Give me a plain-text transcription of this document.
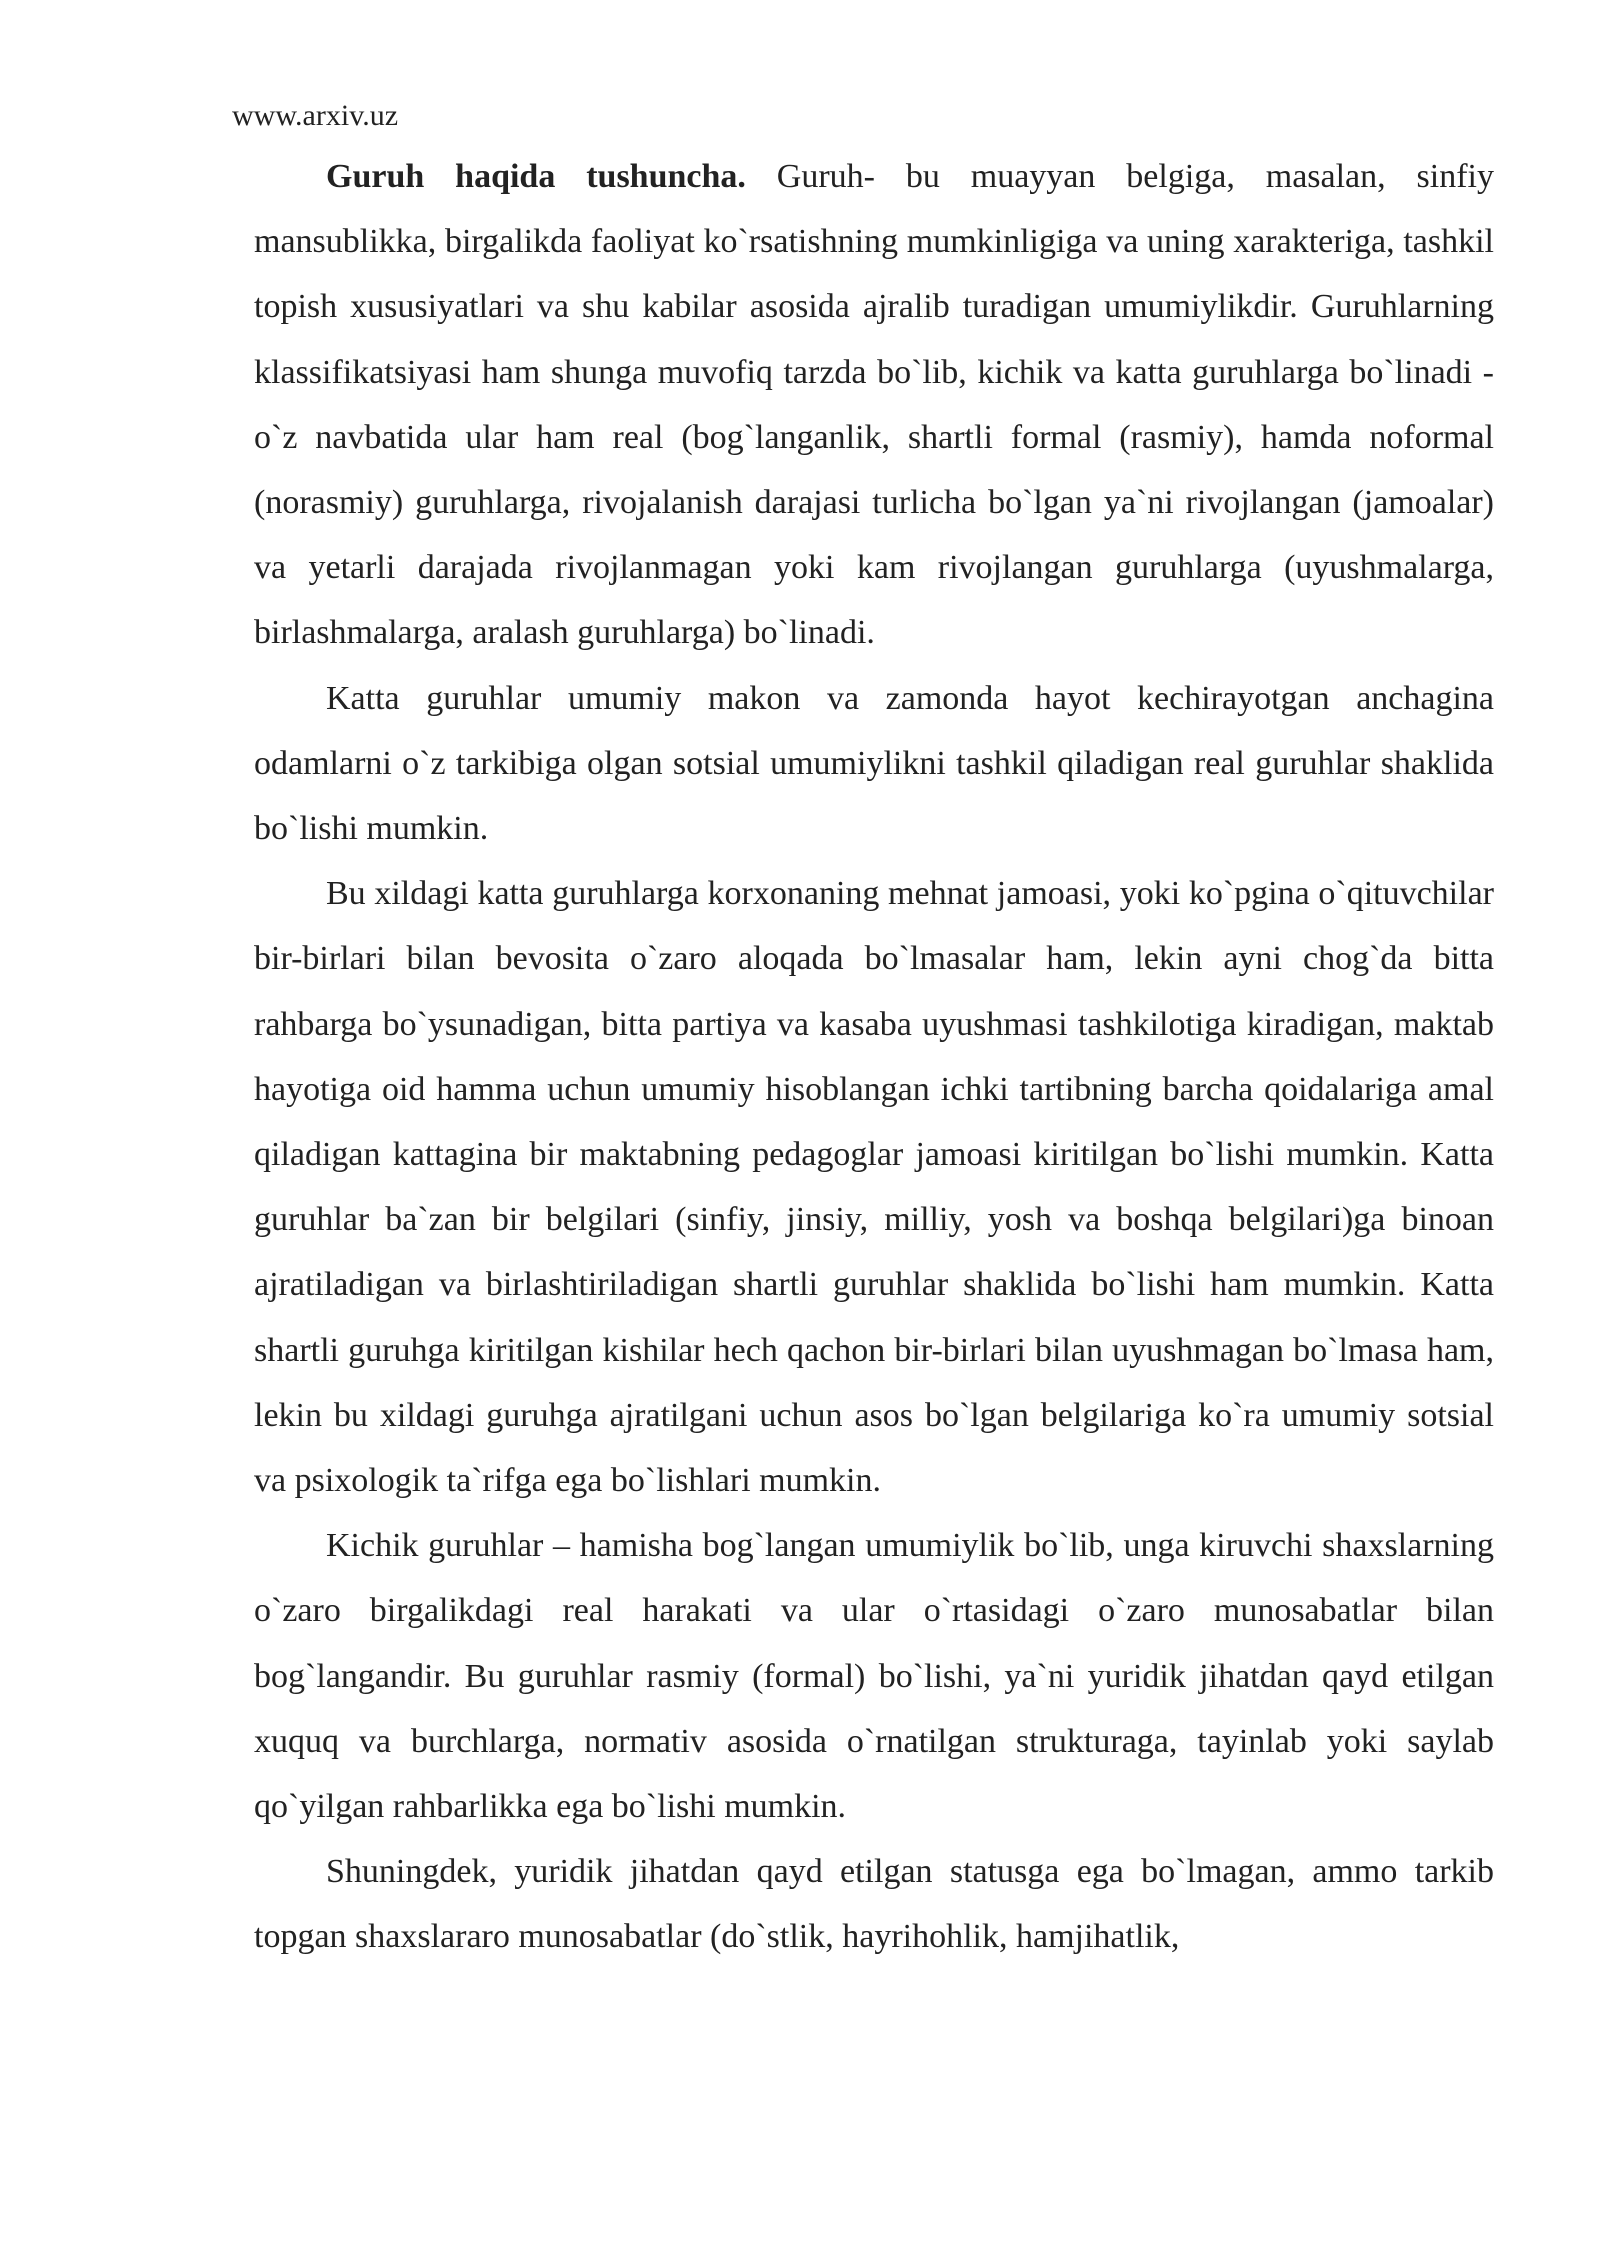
www.arxiv.uz

Guruh haqida tushuncha. Guruh- bu muayyan belgiga, masalan, sinfiy mansublikka, birgalikda faoliyat ko`rsatishning mumkinligiga va uning xarakteriga, tashkil topish xususiyatlari va shu kabilar asosida ajralib turadigan umumiylikdir. Guruhlarning klassifikatsiyasi ham shunga muvofiq tarzda bo`lib, kichik va katta guruhlarga bo`linadi - o`z navbatida ular ham real (bog`langanlik, shartli formal (rasmiy), hamda noformal (norasmiy) guruhlarga, rivojalanish darajasi turlicha bo`lgan ya`ni rivojlangan (jamoalar) va yetarli darajada rivojlanmagan yoki kam rivojlangan guruhlarga (uyushmalarga, birlashmalarga, aralash guruhlarga) bo`linadi.

Katta guruhlar umumiy makon va zamonda hayot kechirayotgan anchagina odamlarni o`z tarkibiga olgan sotsial umumiylikni tashkil qiladigan real guruhlar shaklida bo`lishi mumkin.

Bu xildagi katta guruhlarga korxonaning mehnat jamoasi, yoki ko`pgina o`qituvchilar bir-birlari bilan bevosita o`zaro aloqada bo`lmasalar ham, lekin ayni chog`da bitta rahbarga bo`ysunadigan, bitta partiya va kasaba uyushmasi tashkilotiga kiradigan, maktab hayotiga oid hamma uchun umumiy hisoblangan ichki tartibning barcha qoidalariga amal qiladigan kattagina bir maktabning pedagoglar jamoasi kiritilgan bo`lishi mumkin. Katta guruhlar ba`zan bir belgilari (sinfiy, jinsiy, milliy, yosh va boshqa belgilari)ga binoan ajratiladigan va birlashtiriladigan shartli guruhlar shaklida bo`lishi ham mumkin. Katta shartli guruhga kiritilgan kishilar hech qachon bir-birlari bilan uyushmagan bo`lmasa ham, lekin bu xildagi guruhga ajratilgani uchun asos bo`lgan belgilariga ko`ra umumiy sotsial va psixologik ta`rifga ega bo`lishlari mumkin.

Kichik guruhlar – hamisha bog`langan umumiylik bo`lib, unga kiruvchi shaxslarning o`zaro birgalikdagi real harakati va ular o`rtasidagi o`zaro munosabatlar bilan bog`langandir. Bu guruhlar rasmiy (formal) bo`lishi, ya`ni yuridik jihatdan qayd etilgan xuquq va burchlarga, normativ asosida o`rnatilgan strukturaga, tayinlab yoki saylab qo`yilgan rahbarlikka ega bo`lishi mumkin.

Shuningdek, yuridik jihatdan qayd etilgan statusga ega bo`lmagan, ammo tarkib topgan shaxslararo munosabatlar (do`stlik, hayrihohlik, hamjihatlik,
